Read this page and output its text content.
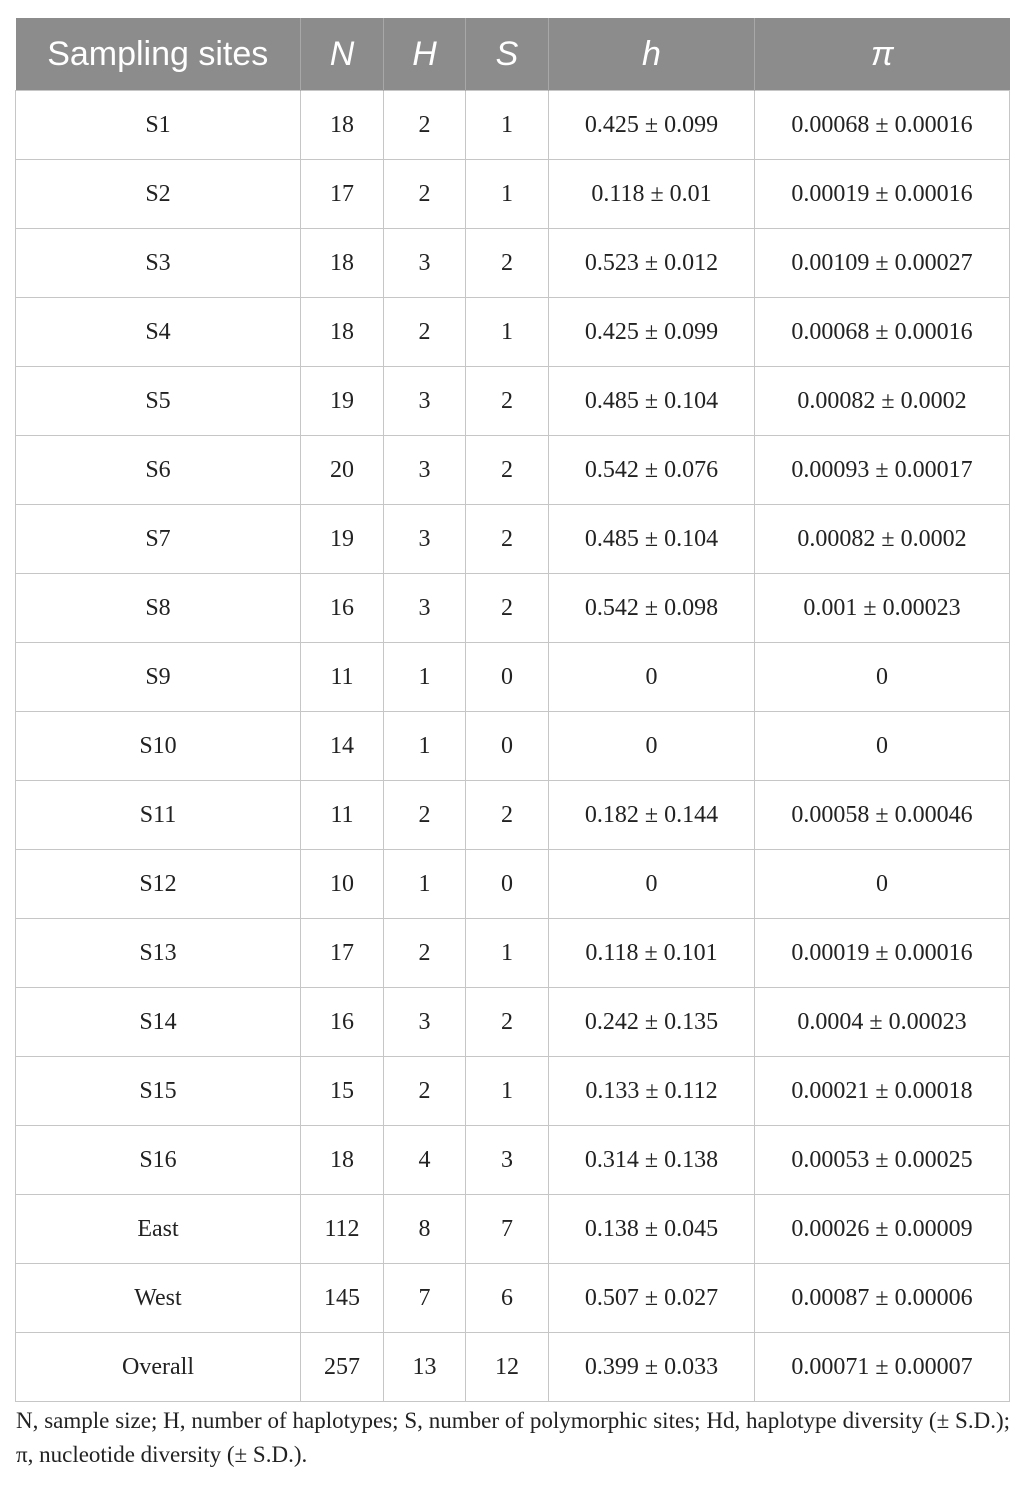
Sampling sites	N	H	S	h	π
S1	18	2	1	0.425 ± 0.099	0.00068 ± 0.00016
S2	17	2	1	0.118 ± 0.01	0.00019 ± 0.00016
S3	18	3	2	0.523 ± 0.012	0.00109 ± 0.00027
S4	18	2	1	0.425 ± 0.099	0.00068 ± 0.00016
S5	19	3	2	0.485 ± 0.104	0.00082 ± 0.0002
S6	20	3	2	0.542 ± 0.076	0.00093 ± 0.00017
S7	19	3	2	0.485 ± 0.104	0.00082 ± 0.0002
S8	16	3	2	0.542 ± 0.098	0.001 ± 0.00023
S9	11	1	0	0	0
S10	14	1	0	0	0
S11	11	2	2	0.182 ± 0.144	0.00058 ± 0.00046
S12	10	1	0	0	0
S13	17	2	1	0.118 ± 0.101	0.00019 ± 0.00016
S14	16	3	2	0.242 ± 0.135	0.0004 ± 0.00023
S15	15	2	1	0.133 ± 0.112	0.00021 ± 0.00018
S16	18	4	3	0.314 ± 0.138	0.00053 ± 0.00025
East	112	8	7	0.138 ± 0.045	0.00026 ± 0.00009
West	145	7	6	0.507 ± 0.027	0.00087 ± 0.00006
Overall	257	13	12	0.399 ± 0.033	0.00071 ± 0.00007
N, sample size; H, number of haplotypes; S, number of polymorphic sites; Hd, haplotype diversity (± S.D.); π, nucleotide diversity (± S.D.).
